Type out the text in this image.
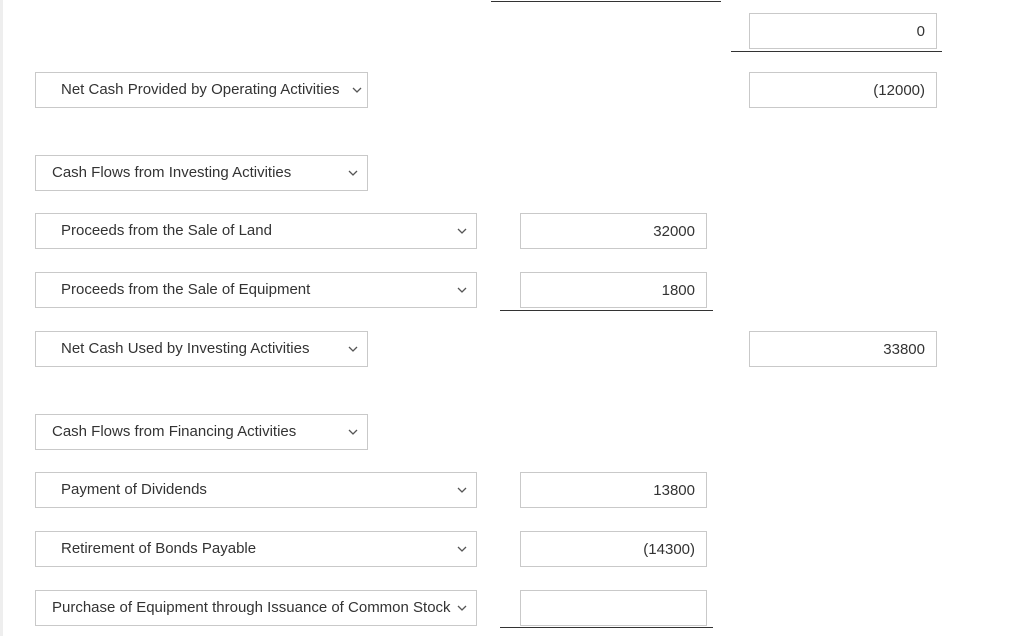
0
Net Cash Provided by Operating Activities
(12000)
Cash Flows from Investing Activities
Proceeds from the Sale of Land
32000
Proceeds from the Sale of Equipment
1800
Net Cash Used by Investing Activities
33800
Cash Flows from Financing Activities
Payment of Dividends
13800
Retirement of Bonds Payable
(14300)
Purchase of Equipment through Issuance of Common Stock
